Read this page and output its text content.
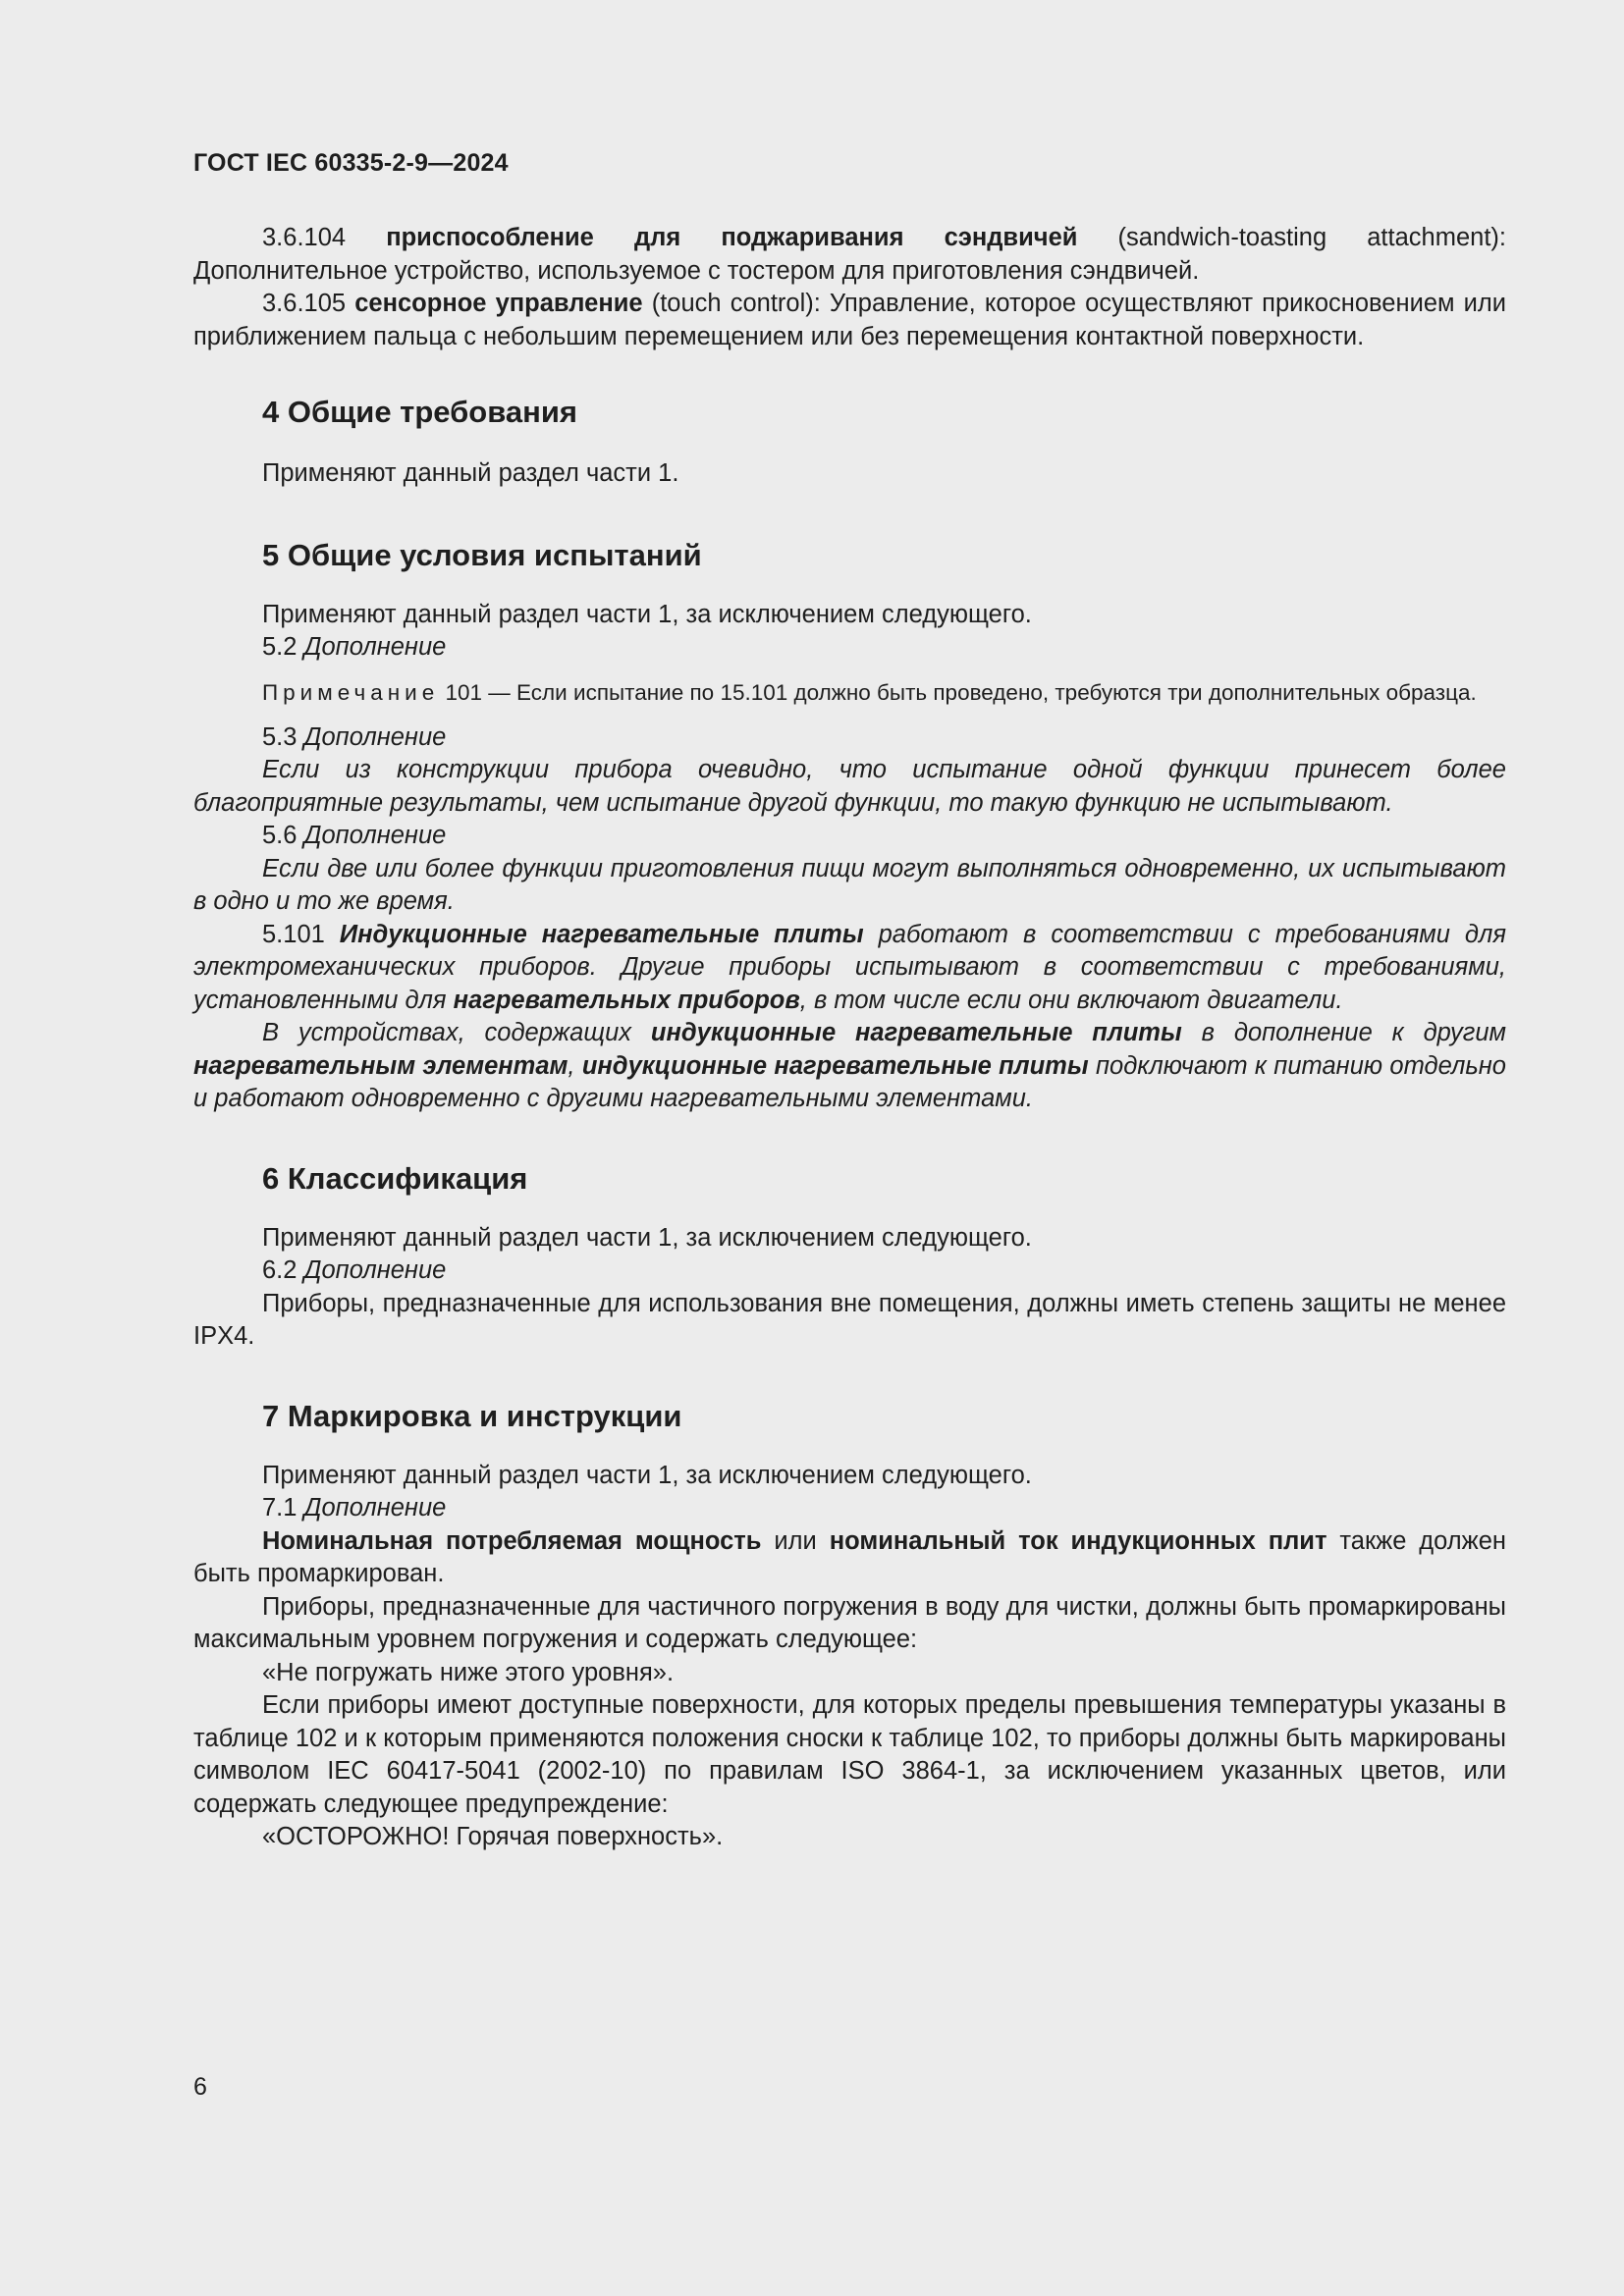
ГОСТ IEC 60335-2-9—2024

3.6.104 приспособление для поджаривания сэндвичей (sandwich-toasting attachment): Дополнительное устройство, используемое с тостером для приготовления сэндвичей.

3.6.105 сенсорное управление (touch control): Управление, которое осуществляют прикосновением или приближением пальца с небольшим перемещением или без перемещения контактной поверхности.

4 Общие требования

Применяют данный раздел части 1.

5 Общие условия испытаний

Применяют данный раздел части 1, за исключением следующего.

5.2 Дополнение

Примечание 101 — Если испытание по 15.101 должно быть проведено, требуются три дополнительных образца.

5.3 Дополнение

Если из конструкции прибора очевидно, что испытание одной функции принесет более благоприятные результаты, чем испытание другой функции, то такую функцию не испытывают.

5.6 Дополнение

Если две или более функции приготовления пищи могут выполняться одновременно, их испытывают в одно и то же время.

5.101 Индукционные нагревательные плиты работают в соответствии с требованиями для электромеханических приборов. Другие приборы испытывают в соответствии с требованиями, установленными для нагревательных приборов, в том числе если они включают двигатели.

В устройствах, содержащих индукционные нагревательные плиты в дополнение к другим нагревательным элементам, индукционные нагревательные плиты подключают к питанию отдельно и работают одновременно с другими нагревательными элементами.

6 Классификация

Применяют данный раздел части 1, за исключением следующего.

6.2 Дополнение

Приборы, предназначенные для использования вне помещения, должны иметь степень защиты не менее IPX4.

7 Маркировка и инструкции

Применяют данный раздел части 1, за исключением следующего.

7.1 Дополнение

Номинальная потребляемая мощность или номинальный ток индукционных плит также должен быть промаркирован.

Приборы, предназначенные для частичного погружения в воду для чистки, должны быть промаркированы максимальным уровнем погружения и содержать следующее:

«Не погружать ниже этого уровня».

Если приборы имеют доступные поверхности, для которых пределы превышения температуры указаны в таблице 102 и к которым применяются положения сноски к таблице 102, то приборы должны быть маркированы символом IEC 60417-5041 (2002-10) по правилам ISO 3864-1, за исключением указанных цветов, или содержать следующее предупреждение:

«ОСТОРОЖНО! Горячая поверхность».

6
